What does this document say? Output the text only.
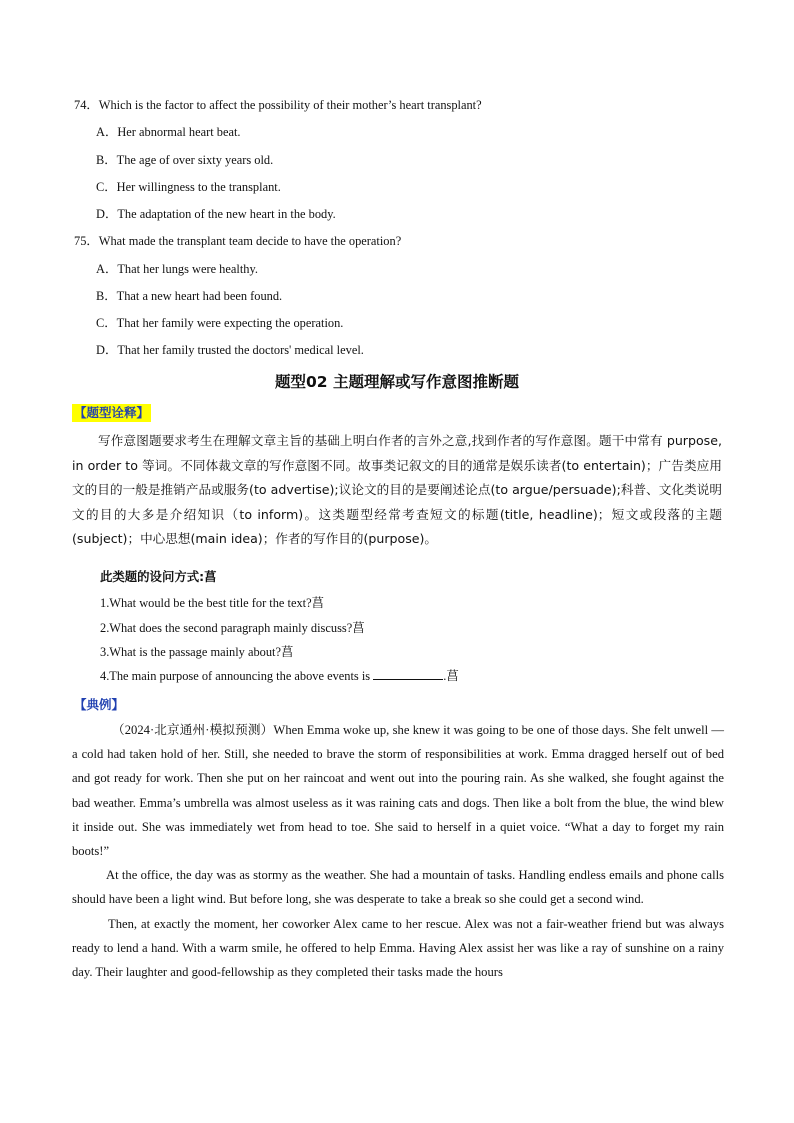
74．Which is the factor to affect the possibility of their mother’s heart transplant?
A．Her abnormal heart beat.
B．The age of over sixty years old.
C．Her willingness to the transplant.
D．The adaptation of the new heart in the body.
75．What made the transplant team decide to have the operation?
A．That her lungs were healthy.
B．That a new heart had been found.
C．That her family were expecting the operation.
D．That her family trusted the doctors' medical level.
题型02 主题理解或写作意图推断题
【题型诠释】
写作意图题要求考生在理解文章主旨的基础上明白作者的言外之意,找到作者的写作意图。题干中常有 purpose, in order to 等词。不同体裁文章的写作意图不同。故事类记叙文的目的通常是娱乐读者(to entertain)；广告类应用文的目的一般是推销产品或服务(to advertise);议论文的目的是要阐述论点(to argue/persuade);科普、文化类说明文的目的大多是介绍知识（to inform)。这类题型经常考查短文的标题(title, headline)；短文或段落的主题(subject)；中心思想(main idea)；作者的写作目的(purpose)。
此类题的设问方式:菖
1.What would be the best title for the text?菖
2.What does the second paragraph mainly discuss?菖
3.What is the passage mainly about?菖
4.The main purpose of announcing the above events is	.菖
【典例】

（2024·北京通州·模拟预测）When Emma woke up, she knew it was going to be one of those days. She felt unwell — a cold had taken hold of her. Still, she needed to brave the storm of responsibilities at work. Emma dragged herself out of bed and got ready for work. Then she put on her raincoat and went out into the pouring rain. As she walked, she fought against the bad weather. Emma’s umbrella was almost useless as it was raining cats and dogs. Then like a bolt from the blue, the wind blew it inside out. She was immediately wet from head to toe. She said to herself in a quiet voice. “What a day to forget my rain boots!”

At the office, the day was as stormy as the weather. She had a mountain of tasks. Handling endless emails and phone calls should have been a light wind. But before long, she was desperate to take a break so she could get a second wind.

Then, at exactly the moment, her coworker Alex came to her rescue. Alex was not a fair-weather friend but was always ready to lend a hand. With a warm smile, he offered to help Emma. Having Alex assist her was like a ray of sunshine on a rainy day. Their laughter and good-fellowship as they completed their tasks made the hours
